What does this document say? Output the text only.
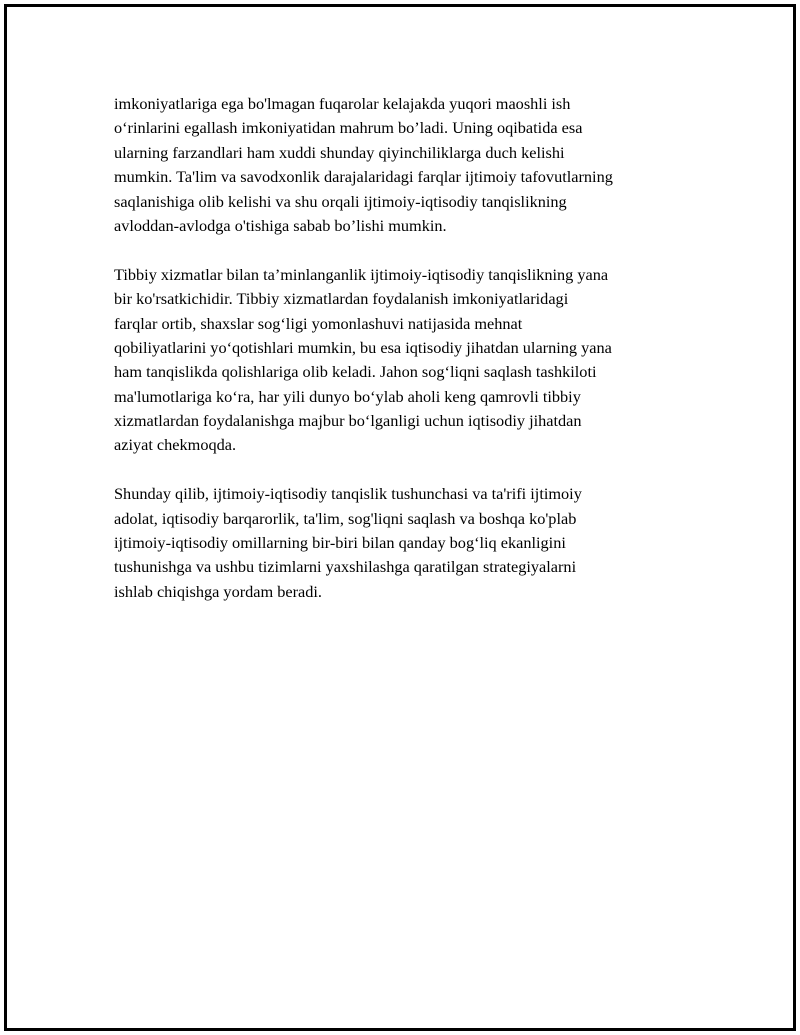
imkoniyatlariga ega bo'lmagan fuqarolar kelajakda yuqori maoshli ish
o‘rinlarini egallash imkoniyatidan mahrum bo’ladi. Uning oqibatida esa
ularning farzandlari ham xuddi shunday qiyinchiliklarga duch kelishi
mumkin. Ta'lim va savodxonlik darajalaridagi farqlar ijtimoiy tafovutlarning
saqlanishiga olib kelishi va shu orqali ijtimoiy-iqtisodiy tanqislikning
avloddan-avlodga o'tishiga sabab bo’lishi mumkin.

Tibbiy xizmatlar bilan ta’minlanganlik ijtimoiy-iqtisodiy tanqislikning yana
bir ko'rsatkichidir. Tibbiy xizmatlardan foydalanish imkoniyatlaridagi
farqlar ortib, shaxslar sog‘ligi yomonlashuvi natijasida mehnat
qobiliyatlarini yo‘qotishlari mumkin, bu esa iqtisodiy jihatdan ularning yana
ham tanqislikda qolishlariga olib keladi. Jahon sog‘liqni saqlash tashkiloti
ma'lumotlariga ko‘ra, har yili dunyo bo‘ylab aholi keng qamrovli tibbiy
xizmatlardan foydalanishga majbur bo‘lganligi uchun iqtisodiy jihatdan
aziyat chekmoqda.

Shunday qilib, ijtimoiy-iqtisodiy tanqislik tushunchasi va ta'rifi ijtimoiy
adolat, iqtisodiy barqarorlik, ta'lim, sog'liqni saqlash va boshqa ko'plab
ijtimoiy-iqtisodiy omillarning bir-biri bilan qanday bog‘liq ekanligini
tushunishga va ushbu tizimlarni yaxshilashga qaratilgan strategiyalarni
ishlab chiqishga yordam beradi.
